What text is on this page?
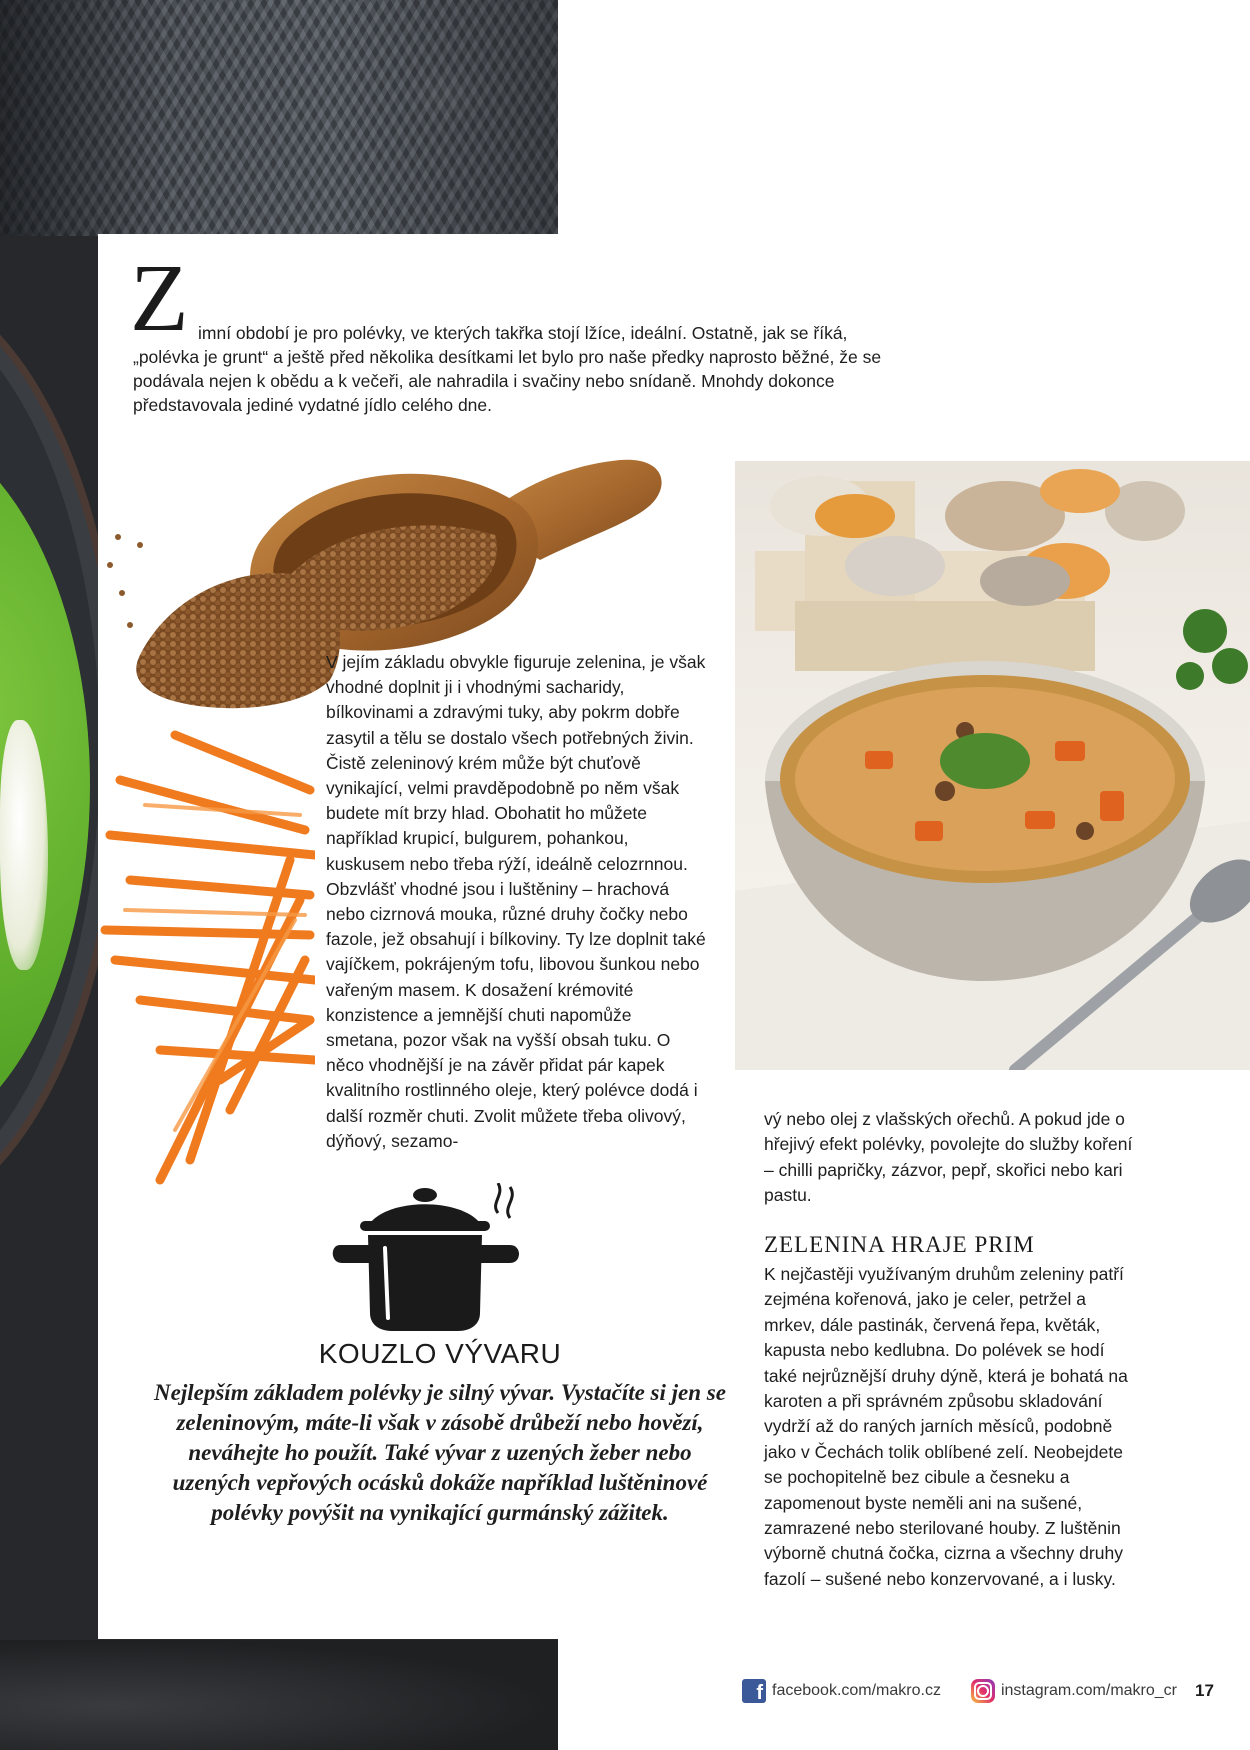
Z imní období je pro polévky, ve kterých takřka stojí lžíce, ideální. Ostatně, jak se říká,

„polévka je grunt“ a ještě před několika desítkami let bylo pro naše předky naprosto běžné, že se podávala nejen k obědu a k večeři, ale nahradila i svačiny nebo snídaně. Mnohdy dokonce představovala jediné vydatné jídlo celého dne.

V jejím základu obvykle figuruje zelenina, je však vhodné doplnit ji i vhodnými sacharidy, bílkovinami a zdravými tuky, aby pokrm dobře zasytil a tělu se dostalo všech potřebných živin. Čistě zeleninový krém může být chuťově vynikající, velmi pravděpodobně po něm však budete mít brzy hlad. Obohatit ho můžete například krupicí, bulgurem, pohankou, kuskusem nebo třeba rýží, ideálně celozrnnou. Obzvlášť vhodné jsou i luštěniny – hrachová nebo cizrnová mouka, různé druhy čočky nebo fazole, jež obsahují i bílkoviny. Ty lze doplnit také vajíčkem, pokrájeným tofu, libovou šunkou nebo vařeným masem. K dosažení krémovité konzistence a jemnější chuti napomůže smetana, pozor však na vyšší obsah tuku. O něco vhodnější je na závěr přidat pár kapek kvalitního rostlinného oleje, který polévce dodá i další rozměr chuti. Zvolit můžete třeba olivový, dýňový, sezamo-

vý nebo olej z vlašských ořechů. A pokud jde o hřejivý efekt polévky, povolejte do služby koření – chilli papričky, zázvor, pepř, skořici nebo kari pastu.

ZELENINA HRAJE PRIM

K nejčastěji využívaným druhům zeleniny patří zejména kořenová, jako je celer, petržel a mrkev, dále pastinák, červená řepa, květák, kapusta nebo kedlubna. Do polévek se hodí také nejrůznější druhy dýně, která je bohatá na karoten a při správném způsobu skladování vydrží až do raných jarních měsíců, podobně jako v Čechách tolik oblíbené zelí. Neobejdete se pochopitelně bez cibule a česneku a zapomenout byste neměli ani na sušené, zamrazené nebo sterilované houby. Z luštěnin výborně chutná čočka, cizrna a všechny druhy fazolí – sušené nebo konzervované, a i lusky.

KOUZLO VÝVARU

Nejlepším základem polévky je silný vývar. Vystačíte si jen se zeleninovým, máte-li však v zásobě drůbeží nebo hovězí, neváhejte ho použít. Také vývar z uzených žeber nebo uzených vepřových ocásků dokáže například luštěninové polévky povýšit na vynikající gurmánský zážitek.

f facebook.com/makro.cz	instagram.com/makro_cr 17
